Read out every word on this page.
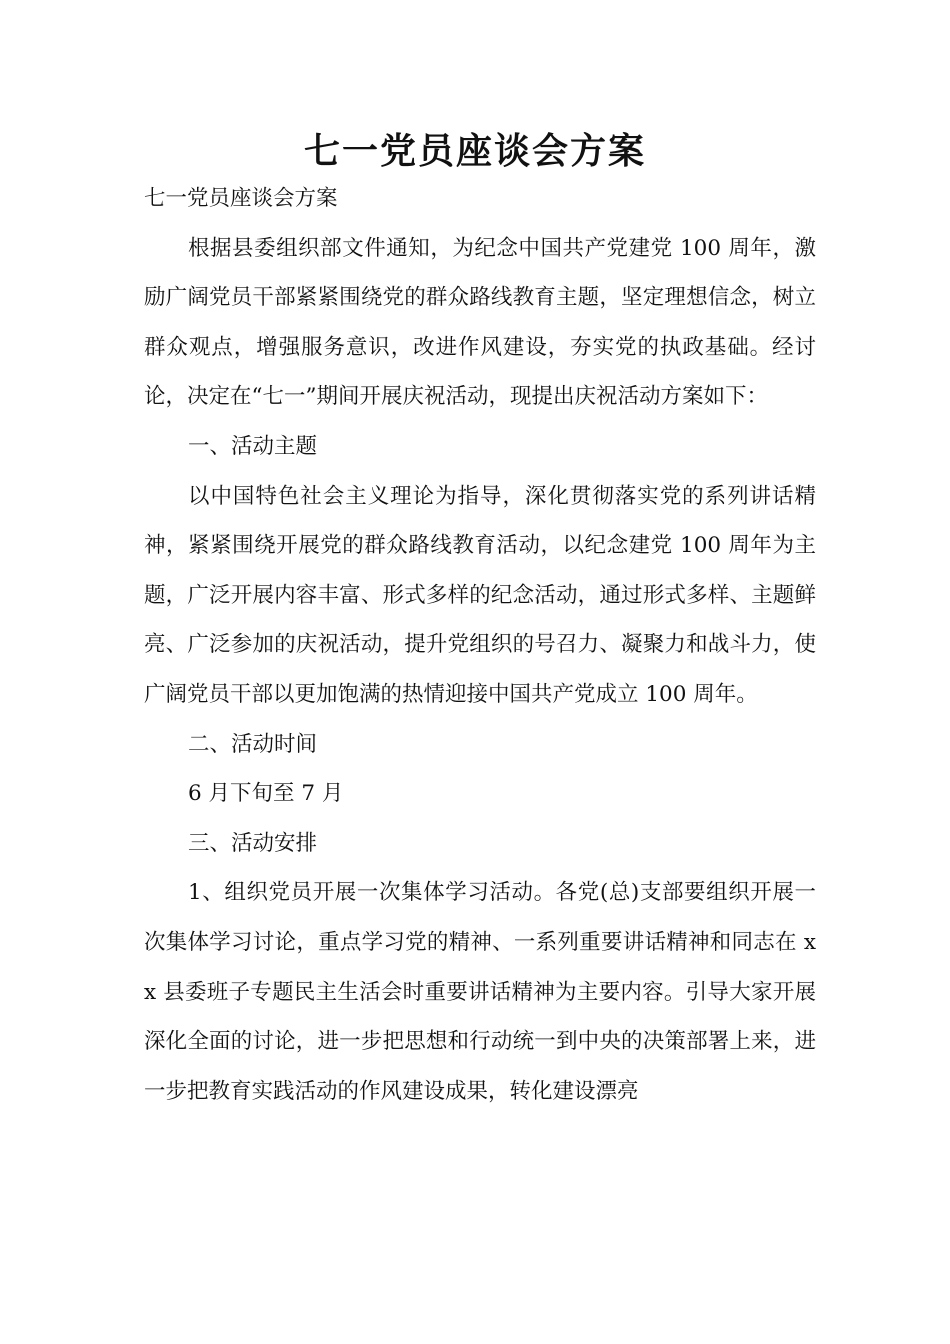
七一党员座谈会方案

七一党员座谈会方案

根据县委组织部文件通知，为纪念中国共产党建党 100 周年，激励广阔党员干部紧紧围绕党的群众路线教育主题，坚定理想信念，树立群众观点，增强服务意识，改进作风建设，夯实党的执政基础。经讨论，决定在“七一”期间开展庆祝活动，现提出庆祝活动方案如下：

一、活动主题

以中国特色社会主义理论为指导，深化贯彻落实党的系列讲话精神，紧紧围绕开展党的群众路线教育活动，以纪念建党 100 周年为主题，广泛开展内容丰富、形式多样的纪念活动，通过形式多样、主题鲜亮、广泛参加的庆祝活动，提升党组织的号召力、凝聚力和战斗力，使广阔党员干部以更加饱满的热情迎接中国共产党成立 100 周年。

二、活动时间

6 月下旬至 7 月

三、活动安排

1、组织党员开展一次集体学习活动。各党(总)支部要组织开展一次集体学习讨论，重点学习党的精神、一系列重要讲话精神和同志在 xx 县委班子专题民主生活会时重要讲话精神为主要内容。引导大家开展深化全面的讨论，进一步把思想和行动统一到中央的决策部署上来，进一步把教育实践活动的作风建设成果，转化建设漂亮
